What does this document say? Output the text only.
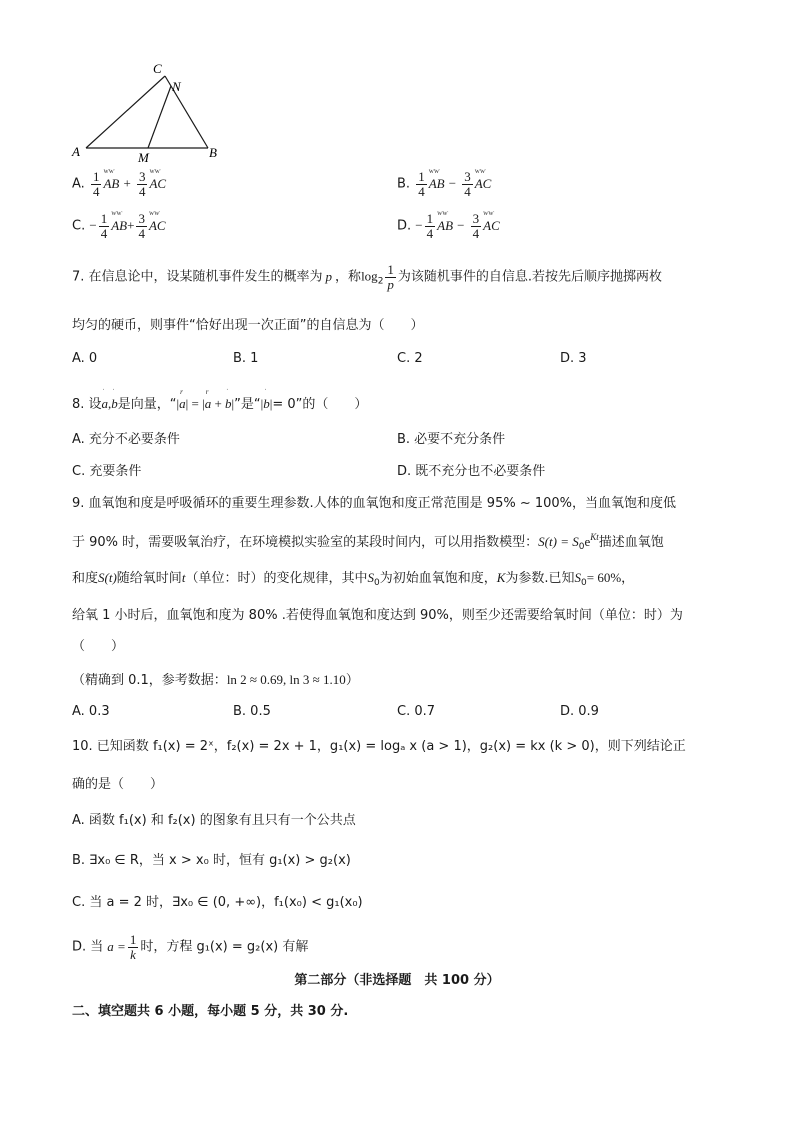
C
N
A	M	B
A. $\frac{1}{4}$ ⱳⱳ
AB + $\frac{3}{4}$ ⱳⱳ
AC	B. $\frac{1}{4}$ ⱳⱳ
AB − $\frac{3}{4}$ ⱳⱳ
AC
C. − $\frac{1}{4}$ ⱳⱳ
$AB+ \frac{3}{4}$ ⱳⱳ
AC	D. − $\frac{1}{4}$ ⱳⱳ
AB − $\frac{3}{4}$ ⱳⱳ
AC
7. 在信息论中，设某随机事件发生的概率为 p ，称$\log_2 \frac{1}{p}$ 为该随机事件的自信息.若按先后顺序抛掷两枚
均匀的硬币，则事件“恰好出现一次正面”的自信息为（　　）
A. 0	B. 1	C. 2	D. 3
8. 设
ˈ
a,
ˈ
b是向量，“|
r
a| = |
r
a +
ˈ
b|”是“|
ˈ
b|= 0”的（　　）
A. 充分不必要条件	B. 必要不充分条件
C. 充要条件	D. 既不充分也不必要条件
9. 血氧饱和度是呼吸循环的重要生理参数.人体的血氧饱和度正常范围是 95% ~ 100%，当血氧饱和度低
于 90% 时，需要吸氧治疗，在环境模拟实验室的某段时间内，可以用指数模型：$S(t) = S_0e^{Kt}$描述血氧饱
和度S(t)随给氧时间t（单位：时）的变化规律，其中$S_0$为初始血氧饱和度，K为参数.已知$S_0= 60\%$，
给氧 1 小时后，血氧饱和度为 80% .若使得血氧饱和度达到 90%，则至少还需要给氧时间（单位：时）为
（　　）
（精确到 0.1，参考数据：ln 2 ≈ 0.69, ln 3 ≈ 1.10）
A. 0.3	B. 0.5	C. 0.7	D. 0.9
10. 已知函数 f₁(x) = 2ˣ，f₂(x) = 2x + 1，g₁(x) = logₐ x (a > 1)，g₂(x) = kx (k > 0)，则下列结论正
确的是（　　）
A. 函数 f₁(x) 和 f₂(x) 的图象有且只有一个公共点
B. ∃x₀ ∈ R，当 x > x₀ 时，恒有 g₁(x) > g₂(x)
C. 当 a = 2 时，∃x₀ ∈ (0, +∞)，f₁(x₀) < g₁(x₀)
D. 当 $a = \frac{1}{k}$ 时，方程 g₁(x) = g₂(x) 有解
第二部分（非选择题　共 100 分）
二、填空题共 6 小题，每小题 5 分，共 30 分.
